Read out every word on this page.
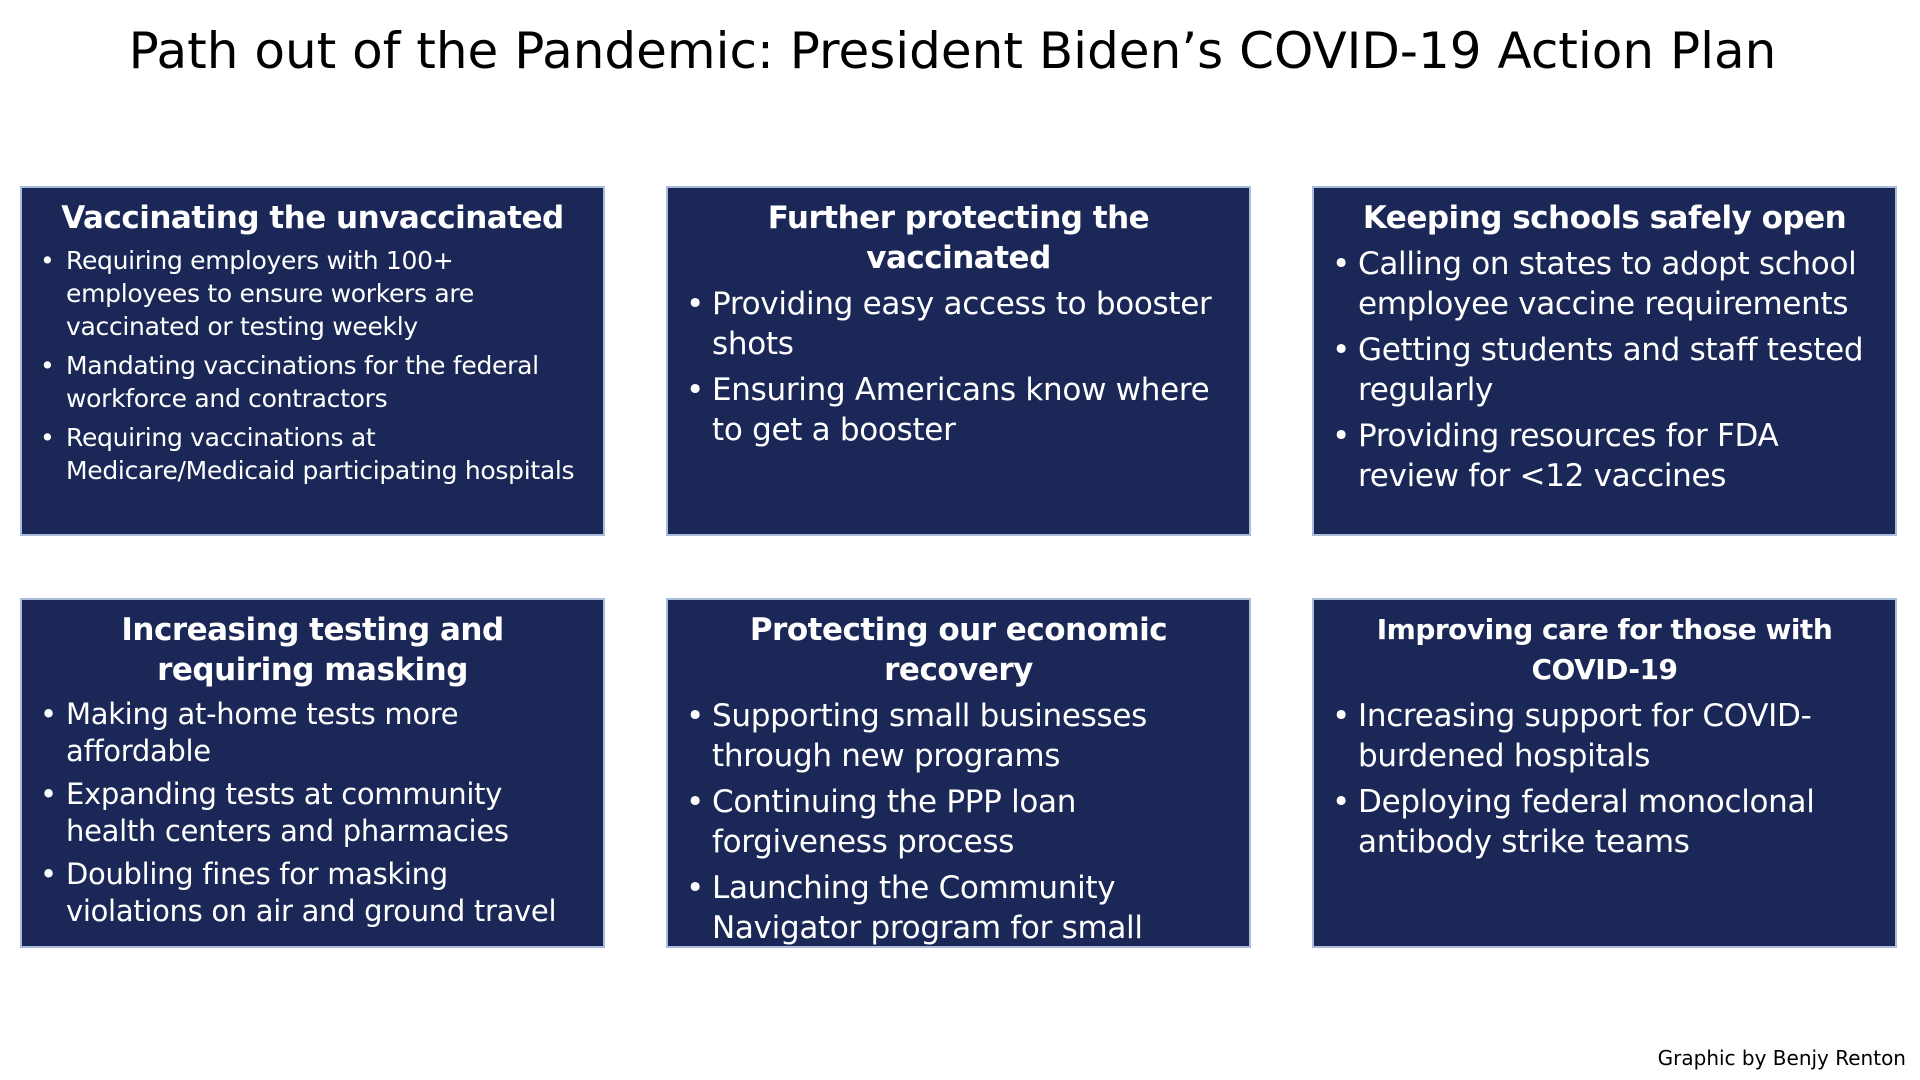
Path out of the Pandemic: President Biden’s COVID-19 Action Plan
Vaccinating the unvaccinated
• Requiring employers with 100+ employees to ensure workers are vaccinated or testing weekly
• Mandating vaccinations for the federal workforce and contractors
• Requiring vaccinations at Medicare/Medicaid participating hospitals
Further protecting the vaccinated
• Providing easy access to booster shots
• Ensuring Americans know where to get a booster
Keeping schools safely open
• Calling on states to adopt school employee vaccine requirements
• Getting students and staff tested regularly
• Providing resources for FDA review for <12 vaccines
Increasing testing and requiring masking
• Making at-home tests more affordable
• Expanding tests at community health centers and pharmacies
• Doubling fines for masking violations on air and ground travel
Protecting our economic recovery
• Supporting small businesses through new programs
• Continuing the PPP loan forgiveness process
• Launching the Community Navigator program for small businesses
Improving care for those with COVID-19
• Increasing support for COVID-burdened hospitals
• Deploying federal monoclonal antibody strike teams
Graphic by Benjy Renton
